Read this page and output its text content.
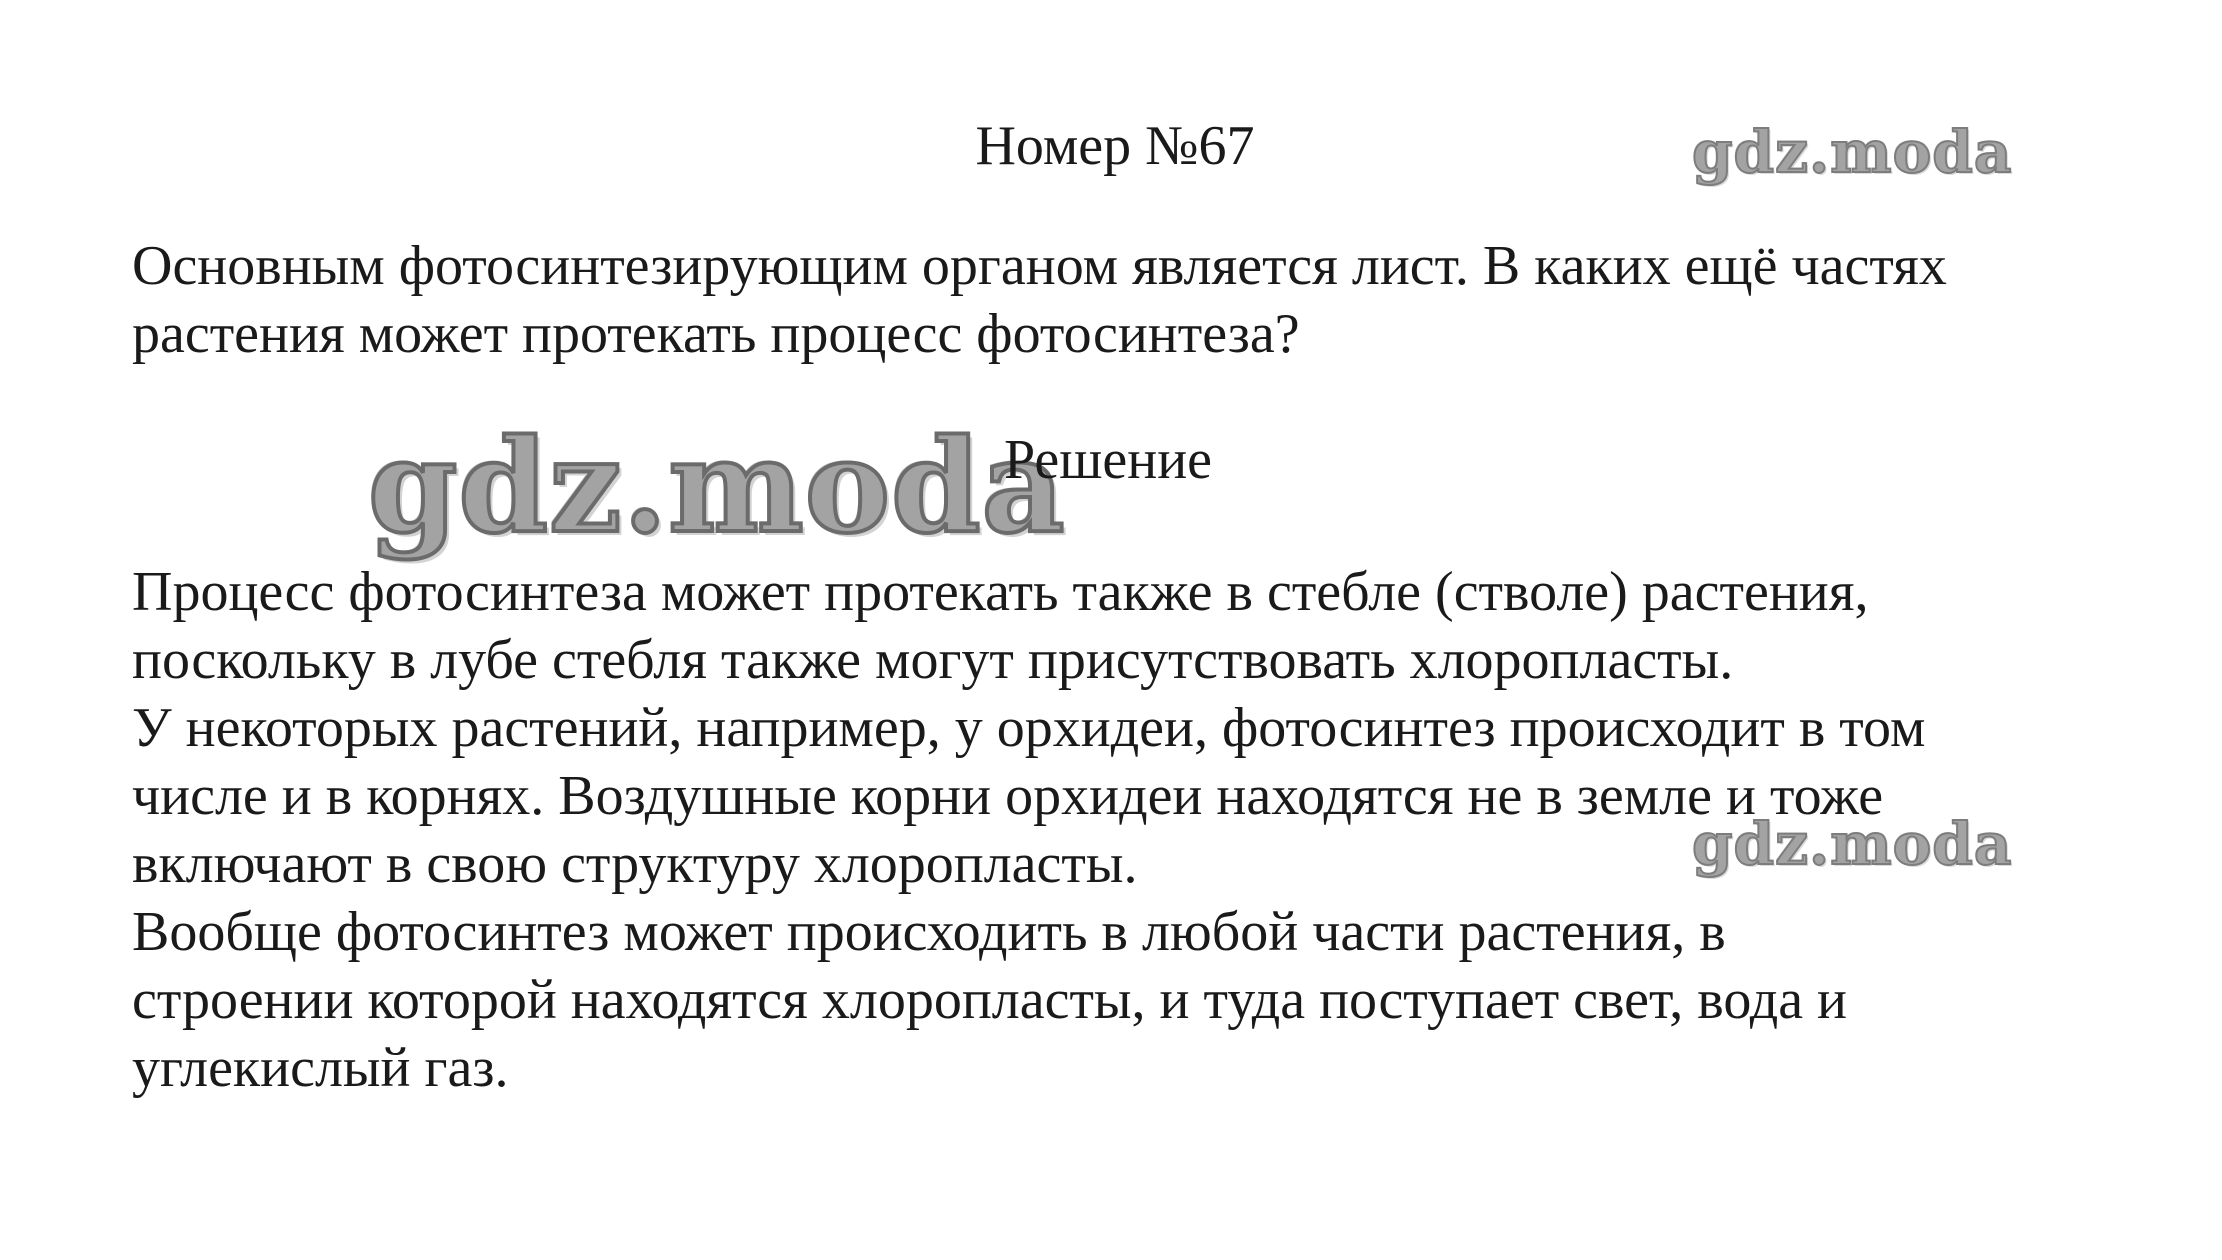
Номер №67	gdz.moda
Основным фотосинтезирующим органом является лист. В каких ещё частях растения может протекать процесс фотосинтеза?
gdz.moda
Решение
Процесс фотосинтеза может протекать также в стебле (стволе) растения,
поскольку в лубе стебля также могут присутствовать хлоропласты.
У некоторых растений, например, у орхидеи, фотосинтез происходит в том
числе и в корнях. Воздушные корни орхидеи находятся не в земле и тоже
включают в свою структуру хлоропласты.
Вообще фотосинтез может происходить в любой части растения, в
строении которой находятся хлоропласты, и туда поступает свет, вода и
углекислый газ.
gdz.moda
